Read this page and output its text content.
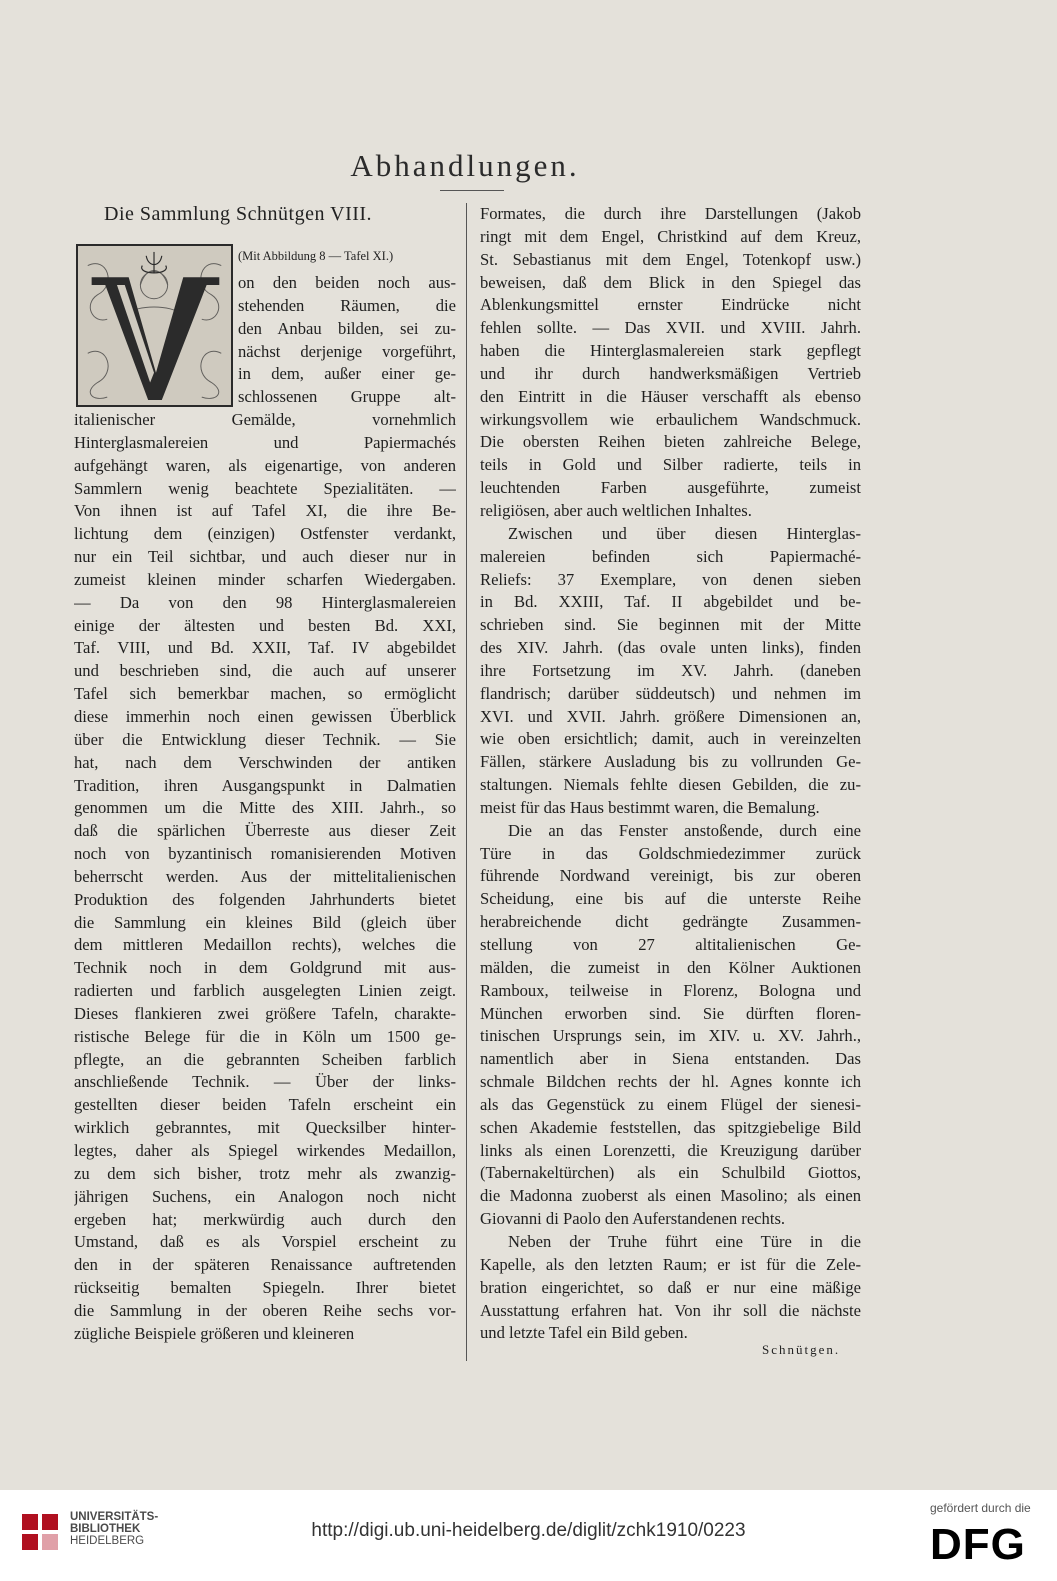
Abhandlungen.
Die Sammlung Schnütgen VIII.
(Mit Abbildung 8 — Tafel XI.)
on den beiden noch aus-
stehenden Räumen, die
den Anbau bilden, sei zu-
nächst derjenige vorgeführt,
in dem, außer einer ge-
schlossenen Gruppe alt-
italienischer Gemälde, vornehmlich
Hinterglasmalereien und Papiermachés
aufgehängt waren, als eigenartige, von anderen
Sammlern wenig beachtete Spezialitäten. —
Von ihnen ist auf Tafel XI, die ihre Be-
lichtung dem (einzigen) Ostfenster verdankt,
nur ein Teil sichtbar, und auch dieser nur in
zumeist kleinen minder scharfen Wiedergaben.
— Da von den 98 Hinterglasmalereien
einige der ältesten und besten Bd. XXI,
Taf. VIII, und Bd. XXII, Taf. IV abgebildet
und beschrieben sind, die auch auf unserer
Tafel sich bemerkbar machen, so ermöglicht
diese immerhin noch einen gewissen Überblick
über die Entwicklung dieser Technik. — Sie
hat, nach dem Verschwinden der antiken
Tradition, ihren Ausgangspunkt in Dalmatien
genommen um die Mitte des XIII. Jahrh., so
daß die spärlichen Überreste aus dieser Zeit
noch von byzantinisch romanisierenden Motiven
beherrscht werden. Aus der mittelitalienischen
Produktion des folgenden Jahrhunderts bietet
die Sammlung ein kleines Bild (gleich über
dem mittleren Medaillon rechts), welches die
Technik noch in dem Goldgrund mit aus-
radierten und farblich ausgelegten Linien zeigt.
Dieses flankieren zwei größere Tafeln, charakte-
ristische Belege für die in Köln um 1500 ge-
pflegte, an die gebrannten Scheiben farblich
anschließende Technik. — Über der links-
gestellten dieser beiden Tafeln erscheint ein
wirklich gebranntes, mit Quecksilber hinter-
legtes, daher als Spiegel wirkendes Medaillon,
zu dem sich bisher, trotz mehr als zwanzig-
jährigen Suchens, ein Analogon noch nicht
ergeben hat; merkwürdig auch durch den
Umstand, daß es als Vorspiel erscheint zu
den in der späteren Renaissance auftretenden
rückseitig bemalten Spiegeln. Ihrer bietet
die Sammlung in der oberen Reihe sechs vor-
zügliche Beispiele größeren und kleineren
Formates, die durch ihre Darstellungen (Jakob
ringt mit dem Engel, Christkind auf dem Kreuz,
St. Sebastianus mit dem Engel, Totenkopf usw.)
beweisen, daß dem Blick in den Spiegel das
Ablenkungsmittel ernster Eindrücke nicht
fehlen sollte. — Das XVII. und XVIII. Jahrh.
haben die Hinterglasmalereien stark gepflegt
und ihr durch handwerksmäßigen Vertrieb
den Eintritt in die Häuser verschafft als ebenso
wirkungsvollem wie erbaulichem Wandschmuck.
Die obersten Reihen bieten zahlreiche Belege,
teils in Gold und Silber radierte, teils in
leuchtenden Farben ausgeführte, zumeist
religiösen, aber auch weltlichen Inhaltes.
Zwischen und über diesen Hinterglas-
malereien befinden sich Papiermaché-
Reliefs: 37 Exemplare, von denen sieben
in Bd. XXIII, Taf. II abgebildet und be-
schrieben sind. Sie beginnen mit der Mitte
des XIV. Jahrh. (das ovale unten links), finden
ihre Fortsetzung im XV. Jahrh. (daneben
flandrisch; darüber süddeutsch) und nehmen im
XVI. und XVII. Jahrh. größere Dimensionen an,
wie oben ersichtlich; damit, auch in vereinzelten
Fällen, stärkere Ausladung bis zu vollrunden Ge-
staltungen. Niemals fehlte diesen Gebilden, die zu-
meist für das Haus bestimmt waren, die Bemalung.
Die an das Fenster anstoßende, durch eine
Türe in das Goldschmiedezimmer zurück
führende Nordwand vereinigt, bis zur oberen
Scheidung, eine bis auf die unterste Reihe
herabreichende dicht gedrängte Zusammen-
stellung von 27 altitalienischen Ge-
mälden, die zumeist in den Kölner Auktionen
Ramboux, teilweise in Florenz, Bologna und
München erworben sind. Sie dürften floren-
tinischen Ursprungs sein, im XIV. u. XV. Jahrh.,
namentlich aber in Siena entstanden. Das
schmale Bildchen rechts der hl. Agnes konnte ich
als das Gegenstück zu einem Flügel der sienesi-
schen Akademie feststellen, das spitzgiebelige Bild
links als einen Lorenzetti, die Kreuzigung darüber
(Tabernakeltürchen) als ein Schulbild Giottos,
die Madonna zuoberst als einen Masolino; als einen
Giovanni di Paolo den Auferstandenen rechts.
Neben der Truhe führt eine Türe in die
Kapelle, als den letzten Raum; er ist für die Zele-
bration eingerichtet, so daß er nur eine mäßige
Ausstattung erfahren hat. Von ihr soll die nächste
und letzte Tafel ein Bild geben.
Schnütgen.
UNIVERSITÄTS-
BIBLIOTHEK
HEIDELBERG	http://digi.ub.uni-heidelberg.de/diglit/zchk1910/0223
gefördert durch die
DFG
